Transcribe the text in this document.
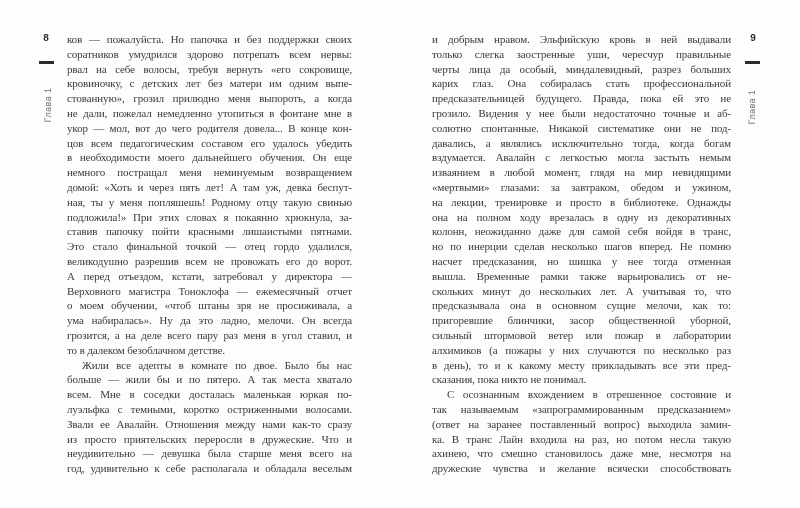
8
Глава 1
ков — пожалуйста. Но папочка и без поддержки своих
соратников умудрился здорово потрепать всем нервы:
рвал на себе волосы, требуя вернуть «его сокровище,
кровиночку, с детских лет без матери им одним выпе-
стованную», грозил прилюдно меня выпороть, а когда
не дали, пожелал немедленно утопиться в фонтане мне в
укор — мол, вот до чего родителя довела... В конце кон-
цов всем педагогическим составом его удалось убедить
в необходимости моего дальнейшего обучения. Он еще
немного постращал меня неминуемым возвращением
домой: «Хоть и через пять лет! А там уж, девка беспут-
ная, ты у меня попляшешь! Родному отцу такую свинью
подложила!» При этих словах я покаянно хрюкнула, за-
ставив папочку пойти красными лишаистыми пятнами.
Это стало финальной точкой — отец гордо удалился,
великодушно разрешив всем не провожать его до ворот.
А перед отъездом, кстати, затребовал у директора —
Верховного магистра Тоноклофа — ежемесячный отчет
о моем обучении, «чтоб штаны зря не просиживала, а
ума набиралась». Ну да это ладно, мелочи. Он всегда
грозится, а на деле всего пару раз меня в угол ставил, и
то в далеком безоблачном детстве.
Жили все адепты в комнате по двое. Было бы нас
больше — жили бы и по пятеро. А так места хватало
всем. Мне в соседки досталась маленькая юркая по-
луэльфка с темными, коротко остриженными волосами.
Звали ее Авалайн. Отношения между нами как-то сразу
из просто приятельских переросли в дружеские. Что и
неудивительно — девушка была старше меня всего на
год, удивительно к себе располагала и обладала веселым
и добрым нравом. Эльфийскую кровь в ней выдавали
только слегка заостренные уши, чересчур правильные
черты лица да особый, миндалевидный, разрез больших
карих глаз. Она собиралась стать профессиональной
предсказательницей будущего. Правда, пока ей это не
грозило. Видения у нее были недостаточно точные и аб-
солютно спонтанные. Никакой систематике они не под-
давались, а являлись исключительно тогда, когда богам
вздумается. Авалайн с легкостью могла застыть немым
изваянием в любой момент, глядя на мир невидящими
«мертвыми» глазами: за завтраком, обедом и ужином,
на лекции, тренировке и просто в библиотеке. Однажды
она на полном ходу врезалась в одну из декоративных
колонн, неожиданно даже для самой себя войдя в транс,
но по инерции сделав несколько шагов вперед. Не помню
насчет предсказания, но шишка у нее тогда отменная
вышла. Временные рамки также варьировались от не-
скольких минут до нескольких лет. А учитывая то, что
предсказывала она в основном сущие мелочи, как то:
пригоревшие блинчики, засор общественной уборной,
сильный штормовой ветер или пожар в лаборатории
алхимиков (а пожары у них случаются по несколько раз
в день), то и к какому месту прикладывать все эти пред-
сказания, пока никто не понимал.
С осознанным вхождением в отрешенное состояние и
так называемым «запрограммированным предсказанием»
(ответ на заранее поставленный вопрос) выходила замин-
ка. В транс Лайн входила на раз, но потом несла такую
ахинею, что смешно становилось даже мне, несмотря на
дружеские чувства и желание всячески способствовать
9
Глава 1
